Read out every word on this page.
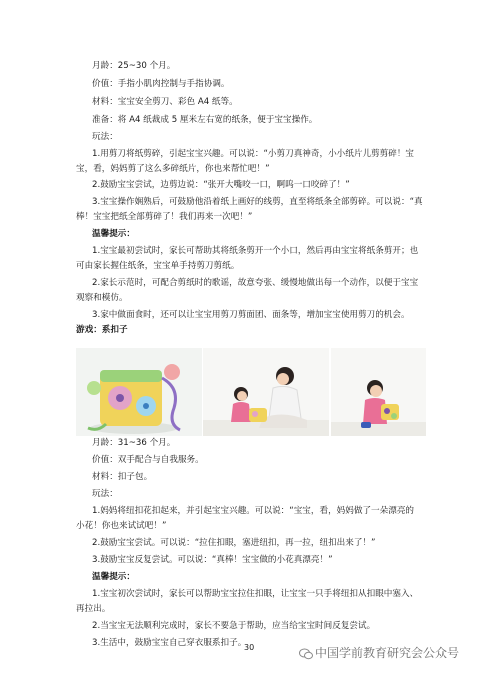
月龄：25~30 个月。
价值：手指小肌肉控制与手指协调。
材料：宝宝安全剪刀、彩色 A4 纸等。
准备：将 A4 纸裁成 5 厘米左右宽的纸条，便于宝宝操作。
玩法：
1.用剪刀将纸剪碎，引起宝宝兴趣。可以说：“小剪刀真神奇，小小纸片儿剪剪碎！宝
宝，看，妈妈剪了这么多碎纸片，你也来帮忙吧！”
2.鼓励宝宝尝试，边剪边说：“张开大嘴咬一口，啊呜一口咬碎了！”
3.宝宝操作娴熟后，可鼓励他沿着纸上画好的线剪，直至将纸条全部剪碎。可以说：“真
棒！宝宝把纸全部剪碎了！我们再来一次吧！”
温馨提示：
1.宝宝最初尝试时，家长可帮助其将纸条剪开一个小口，然后再由宝宝将纸条剪开；也
可由家长握住纸条，宝宝单手持剪刀剪纸。
2.家长示范时，可配合剪纸时的歌谣，故意夸张、缓慢地做出每一个动作，以便于宝宝
观察和模仿。
3.家中做面食时，还可以让宝宝用剪刀剪面团、面条等，增加宝宝使用剪刀的机会。
游戏：系扣子
月龄：31~36 个月。
价值：双手配合与自我服务。
材料：扣子包。
玩法：
1.妈妈将纽扣花扣起来，并引起宝宝兴趣。可以说：“宝宝，看，妈妈做了一朵漂亮的
小花！你也来试试吧！”
2.鼓励宝宝尝试。可以说：“拉住扣眼，塞进纽扣，再一拉，纽扣出来了！”
3.鼓励宝宝反复尝试。可以说：“真棒！宝宝做的小花真漂亮！”
温馨提示：
1.宝宝初次尝试时，家长可以帮助宝宝拉住扣眼，让宝宝一只手将纽扣从扣眼中塞入、
再拉出。
2.当宝宝无法顺利完成时，家长不要急于帮助，应当给宝宝时间反复尝试。
3.生活中，鼓励宝宝自己穿衣服系扣子。
30	中国学前教育研究会公众号
